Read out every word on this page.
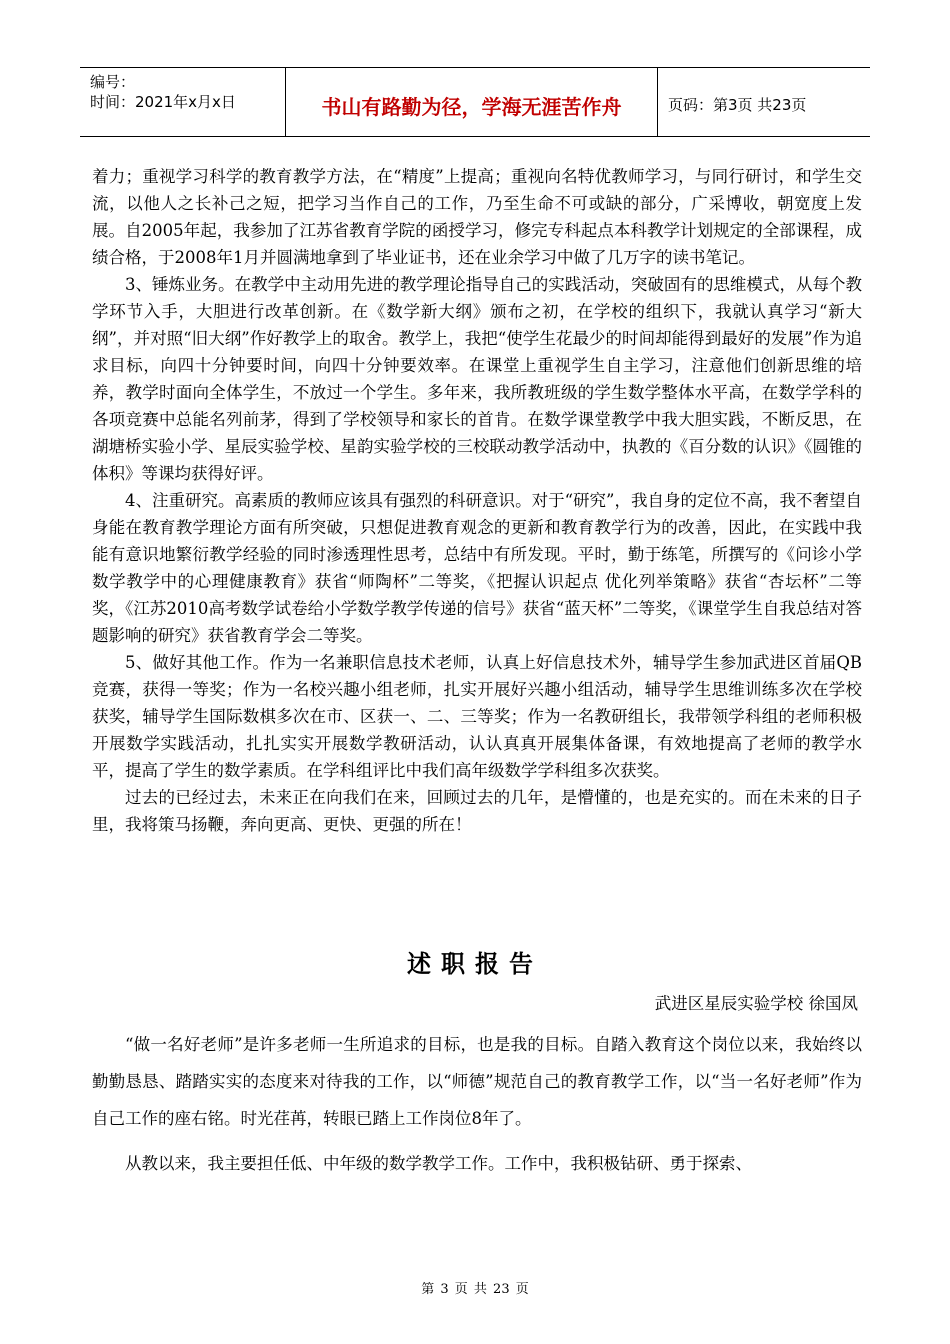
编号：
时间：2021年x月x日	书山有路勤为径，学海无涯苦作舟	页码：第3页 共23页

着力；重视学习科学的教育教学方法，在“精度”上提高；重视向名特优教师学习，与同行研讨，和学生交流，以他人之长补己之短，把学习当作自己的工作，乃至生命不可或缺的部分，广采博收，朝宽度上发展。自2005年起，我参加了江苏省教育学院的函授学习，修完专科起点本科教学计划规定的全部课程，成绩合格，于2008年1月并圆满地拿到了毕业证书，还在业余学习中做了几万字的读书笔记。

3、锤炼业务。在教学中主动用先进的教学理论指导自己的实践活动，突破固有的思维模式，从每个教学环节入手，大胆进行改革创新。在《数学新大纲》颁布之初，在学校的组织下，我就认真学习“新大纲”，并对照“旧大纲”作好教学上的取舍。教学上，我把“使学生花最少的时间却能得到最好的发展”作为追求目标，向四十分钟要时间，向四十分钟要效率。在课堂上重视学生自主学习，注意他们创新思维的培养，教学时面向全体学生，不放过一个学生。多年来，我所教班级的学生数学整体水平高，在数学学科的各项竞赛中总能名列前茅，得到了学校领导和家长的首肯。在数学课堂教学中我大胆实践，不断反思，在湖塘桥实验小学、星辰实验学校、星韵实验学校的三校联动教学活动中，执教的《百分数的认识》《圆锥的体积》等课均获得好评。

4、注重研究。高素质的教师应该具有强烈的科研意识。对于“研究”，我自身的定位不高，我不奢望自身能在教育教学理论方面有所突破，只想促进教育观念的更新和教育教学行为的改善，因此，在实践中我能有意识地繁衍教学经验的同时渗透理性思考，总结中有所发现。平时，勤于练笔，所撰写的《问诊小学数学教学中的心理健康教育》获省“师陶杯”二等奖，《把握认识起点 优化列举策略》获省“杏坛杯”二等奖，《江苏2010高考数学试卷给小学数学教学传递的信号》获省“蓝天杯”二等奖，《课堂学生自我总结对答题影响的研究》获省教育学会二等奖。

5、做好其他工作。作为一名兼职信息技术老师，认真上好信息技术外，辅导学生参加武进区首届QB竞赛，获得一等奖；作为一名校兴趣小组老师，扎实开展好兴趣小组活动，辅导学生思维训练多次在学校获奖，辅导学生国际数棋多次在市、区获一、二、三等奖；作为一名教研组长，我带领学科组的老师积极开展数学实践活动，扎扎实实开展数学教研活动，认认真真开展集体备课，有效地提高了老师的教学水平，提高了学生的数学素质。在学科组评比中我们高年级数学学科组多次获奖。

过去的已经过去，未来正在向我们在来，回顾过去的几年，是懵懂的，也是充实的。而在未来的日子里，我将策马扬鞭，奔向更高、更快、更强的所在！

述职报告
武进区星辰实验学校 徐国凤

“做一名好老师”是许多老师一生所追求的目标，也是我的目标。自踏入教育这个岗位以来，我始终以勤勤恳恳、踏踏实实的态度来对待我的工作，以“师德”规范自己的教育教学工作，以“当一名好老师”作为自己工作的座右铭。时光荏苒，转眼已踏上工作岗位8年了。

从教以来，我主要担任低、中年级的数学教学工作。工作中，我积极钻研、勇于探索、

第 3 页 共 23 页
